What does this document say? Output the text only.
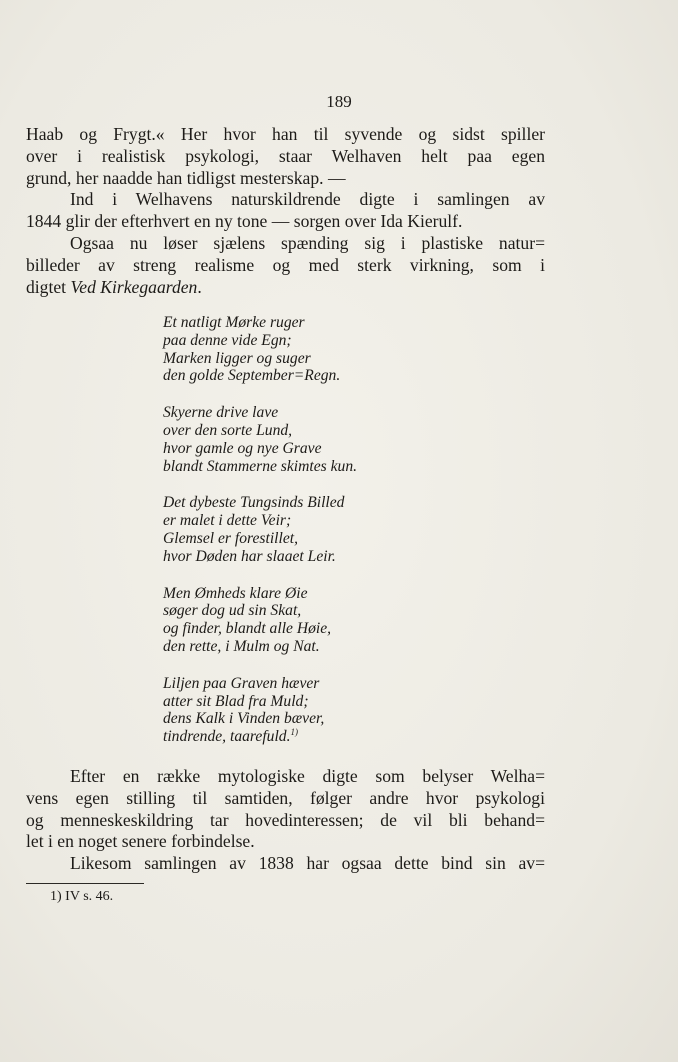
189
Haab og Frygt.« Her hvor han til syvende og sidst spiller
over i realistisk psykologi, staar Welhaven helt paa egen
grund, her naadde han tidligst mesterskap. —
Ind i Welhavens naturskildrende digte i samlingen av
1844 glir der efterhvert en ny tone — sorgen over Ida Kierulf.
Ogsaa nu løser sjælens spænding sig i plastiske natur=
billeder av streng realisme og med sterk virkning, som i
digtet Ved Kirkegaarden.
Et natligt Mørke ruger
paa denne vide Egn;
Marken ligger og suger
den golde September=Regn.
Skyerne drive lave
over den sorte Lund,
hvor gamle og nye Grave
blandt Stammerne skimtes kun.
Det dybeste Tungsinds Billed
er malet i dette Veir;
Glemsel er forestillet,
hvor Døden har slaaet Leir.
Men Ømheds klare Øie
søger dog ud sin Skat,
og finder, blandt alle Høie,
den rette, i Mulm og Nat.
Liljen paa Graven hæver
atter sit Blad fra Muld;
dens Kalk i Vinden bæver,
tindrende, taarefuld.$^{1)}$
Efter en række mytologiske digte som belyser Welha=
vens egen stilling til samtiden, følger andre hvor psykologi
og menneskeskildring tar hovedinteressen; de vil bli behand=
let i en noget senere forbindelse.
Likesom samlingen av 1838 har ogsaa dette bind sin av=
1) IV s. 46.
